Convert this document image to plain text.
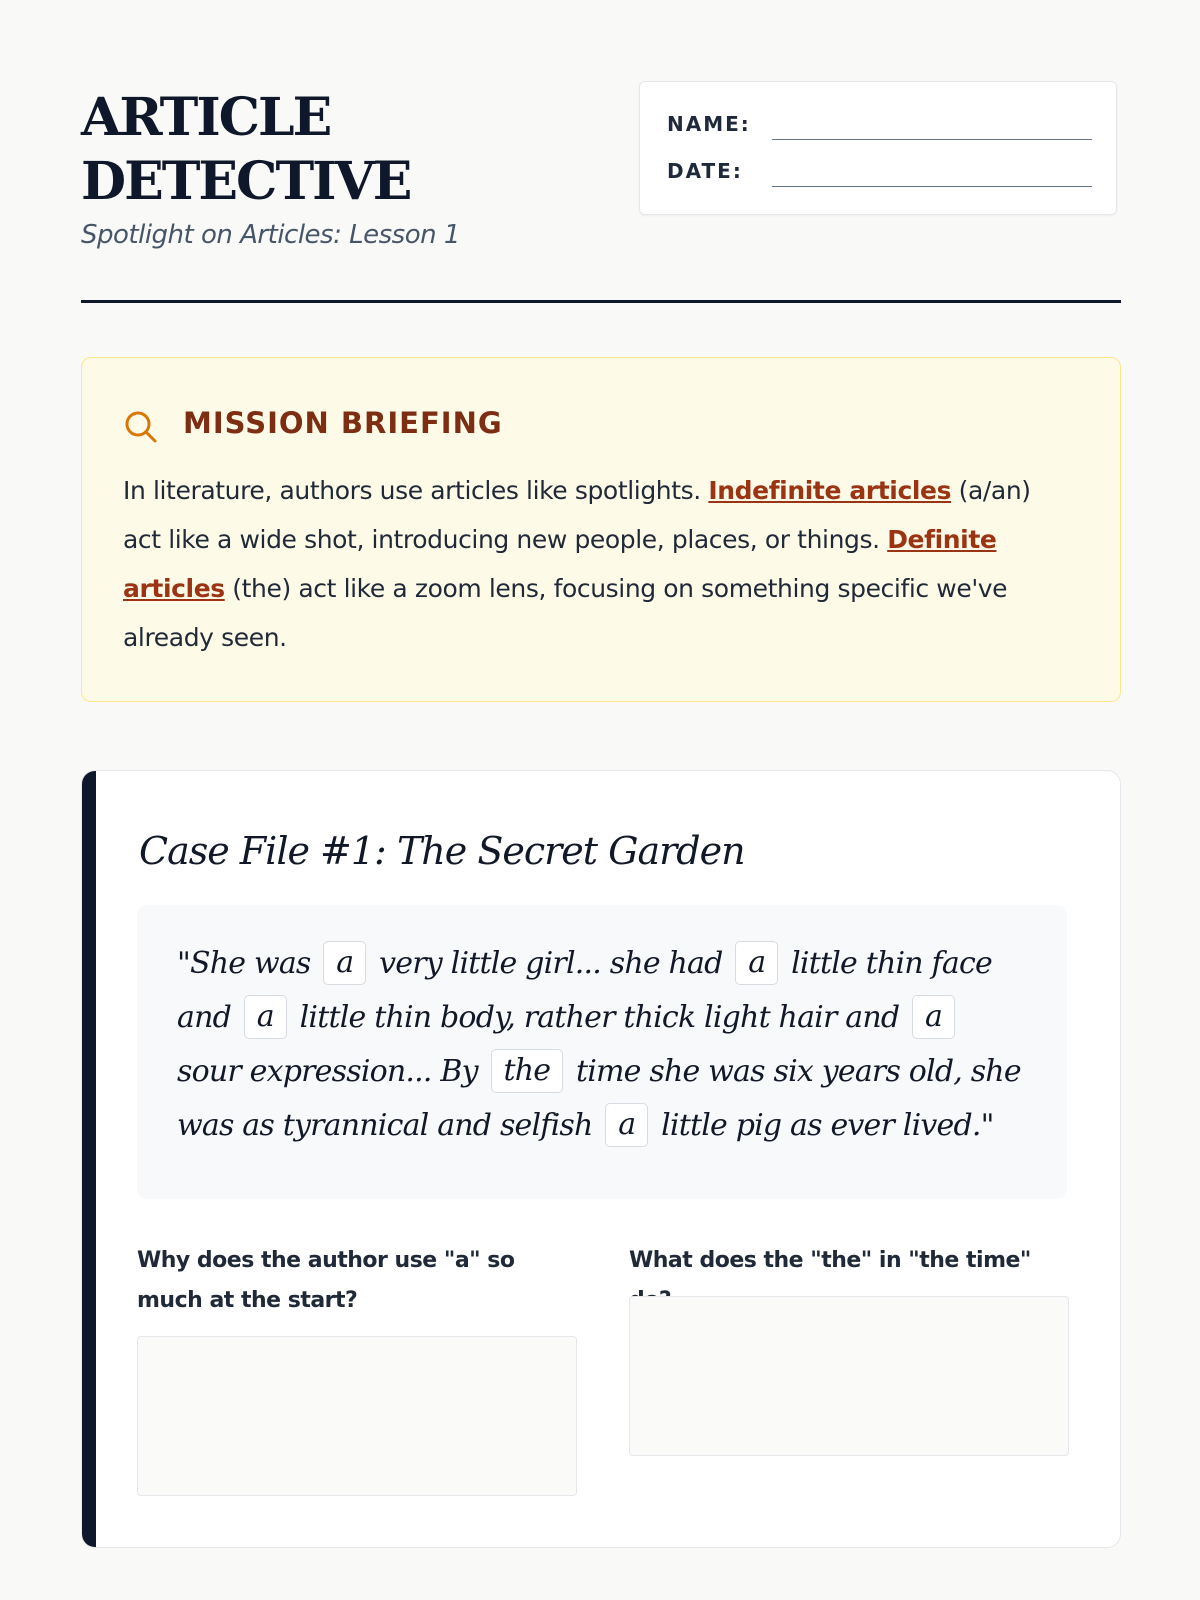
ARTICLE
DETECTIVE
Spotlight on Articles: Lesson 1
NAME:
DATE:
MISSION BRIEFING

In literature, authors use articles like spotlights. Indefinite articles (a/an) act like a wide shot, introducing new people, places, or things. Definite articles (the) act like a zoom lens, focusing on something specific we've already seen.

Case File #1: The Secret Garden

"She was a very little girl... she had a little thin face and a little thin body, rather thick light hair and a sour expression... By the time she was six years old, she was as tyrannical and selfish a little pig as ever lived."

Why does the author use "a" so much at the start?
What does the "the" in "the time"
